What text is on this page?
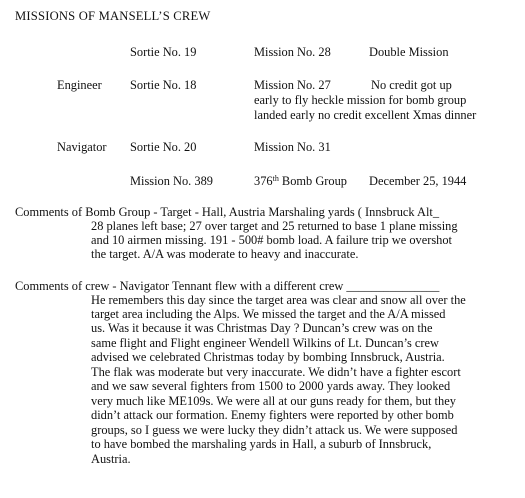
MISSIONS OF MANSELL’S CREW
Sortie No. 19	Mission No. 28	Double Mission
Engineer Sortie No. 18	Mission No. 27	No credit got up
early to fly heckle mission for bomb group
landed early no credit excellent Xmas dinner
Navigator Sortie No. 20	Mission No. 31
Mission No. 389	376th Bomb Group December 25, 1944
Comments of Bomb Group - Target - Hall, Austria Marshaling yards ( Innsbruck Alt_
28 planes left base; 27 over target and 25 returned to base 1 plane missing
and 10 airmen missing. 191 - 500# bomb load. A failure trip we overshot
the target. A/A was moderate to heavy and inaccurate.
Comments of crew - Navigator Tennant flew with a different crew _______________
He remembers this day since the target area was clear and snow all over the
target area including the Alps. We missed the target and the A/A missed
us. Was it because it was Christmas Day ? Duncan’s crew was on the
same flight and Flight engineer Wendell Wilkins of Lt. Duncan’s crew
advised we celebrated Christmas today by bombing Innsbruck, Austria.
The flak was moderate but very inaccurate. We didn’t have a fighter escort
and we saw several fighters from 1500 to 2000 yards away. They looked
very much like ME109s. We were all at our guns ready for them, but they
didn’t attack our formation. Enemy fighters were reported by other bomb
groups, so I guess we were lucky they didn’t attack us. We were supposed
to have bombed the marshaling yards in Hall, a suburb of Innsbruck,
Austria.
